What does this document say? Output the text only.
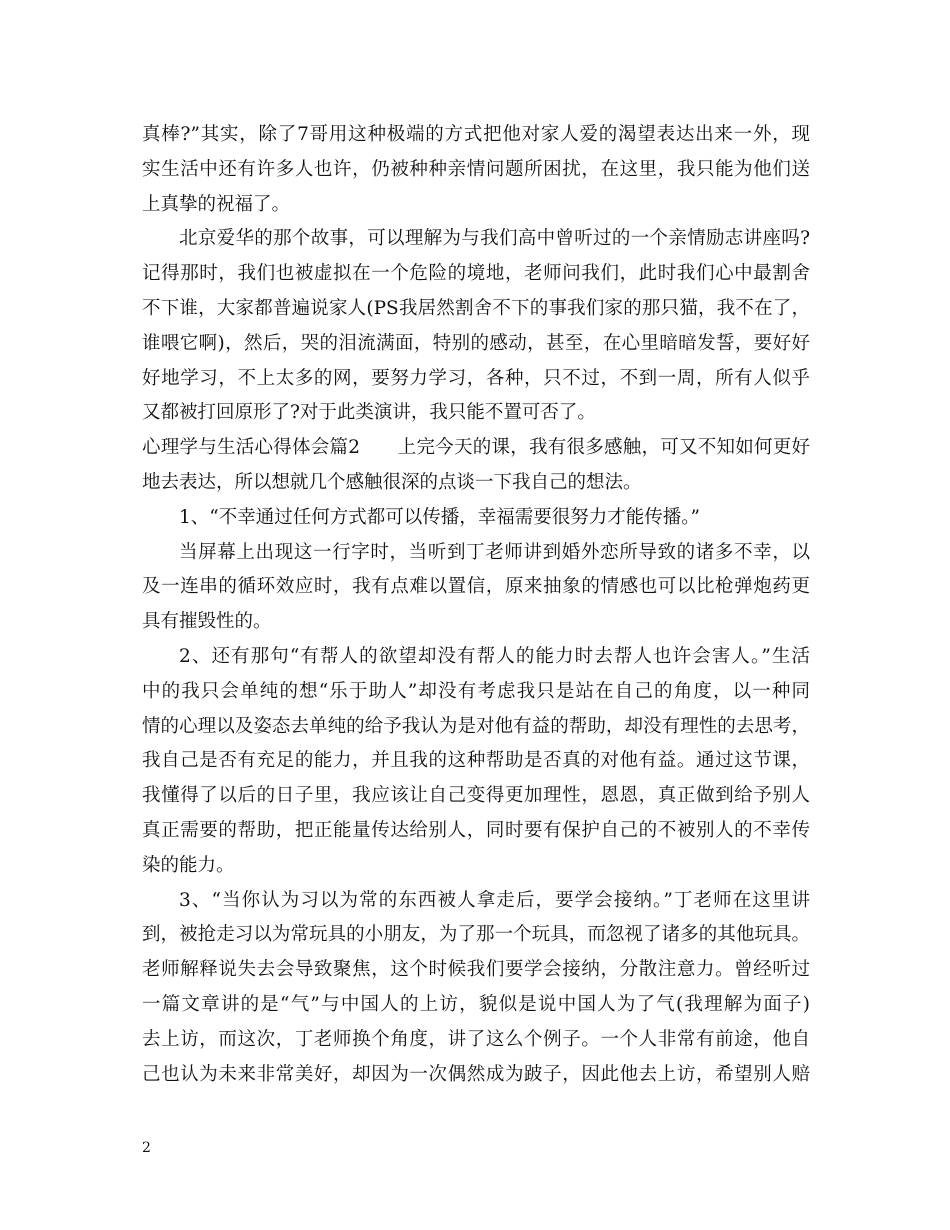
真棒?”其实，除了7哥用这种极端的方式把他对家人爱的渴望表达出来一外，现
实生活中还有许多人也许，仍被种种亲情问题所困扰，在这里，我只能为他们送
上真挚的祝福了。
北京爱华的那个故事，可以理解为与我们高中曾听过的一个亲情励志讲座吗?
记得那时，我们也被虚拟在一个危险的境地，老师问我们，此时我们心中最割舍
不下谁，大家都普遍说家人(PS我居然割舍不下的事我们家的那只猫，我不在了，
谁喂它啊)，然后，哭的泪流满面，特别的感动，甚至，在心里暗暗发誓，要好好
好地学习，不上太多的网，要努力学习，各种，只不过，不到一周，所有人似乎
又都被打回原形了?对于此类演讲，我只能不置可否了。
心理学与生活心得体会篇2　　上完今天的课，我有很多感触，可又不知如何更好
地去表达，所以想就几个感触很深的点谈一下我自己的想法。
1、“不幸通过任何方式都可以传播，幸福需要很努力才能传播。”
当屏幕上出现这一行字时，当听到丁老师讲到婚外恋所导致的诸多不幸，以
及一连串的循环效应时，我有点难以置信，原来抽象的情感也可以比枪弹炮药更
具有摧毁性的。
2、还有那句“有帮人的欲望却没有帮人的能力时去帮人也许会害人。”生活
中的我只会单纯的想“乐于助人”却没有考虑我只是站在自己的角度，以一种同
情的心理以及姿态去单纯的给予我认为是对他有益的帮助，却没有理性的去思考，
我自己是否有充足的能力，并且我的这种帮助是否真的对他有益。通过这节课，
我懂得了以后的日子里，我应该让自己变得更加理性，恩恩，真正做到给予别人
真正需要的帮助，把正能量传达给别人，同时要有保护自己的不被别人的不幸传
染的能力。
3、“当你认为习以为常的东西被人拿走后，要学会接纳。”丁老师在这里讲
到，被抢走习以为常玩具的小朋友，为了那一个玩具，而忽视了诸多的其他玩具。
老师解释说失去会导致聚焦，这个时候我们要学会接纳，分散注意力。曾经听过
一篇文章讲的是“气”与中国人的上访，貌似是说中国人为了气(我理解为面子)
去上访，而这次，丁老师换个角度，讲了这么个例子。一个人非常有前途，他自
己也认为未来非常美好，却因为一次偶然成为跛子，因此他去上访，希望别人赔
2
